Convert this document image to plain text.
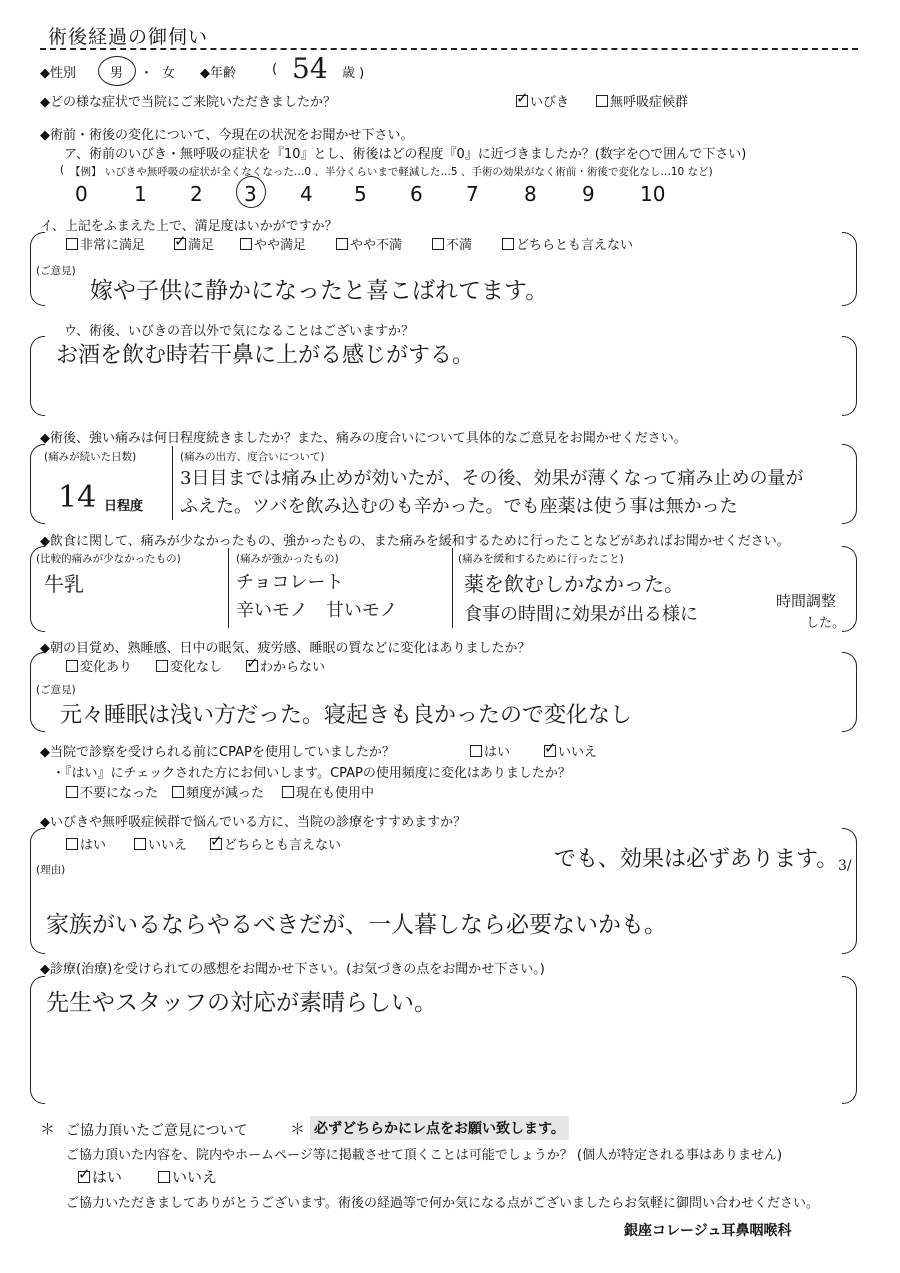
術後経過の御伺い
◆性別	男 ・ 女 ◆年齢	( 54 歳 )
◆どの様な症状で当院にご来院いただきましたか？ ✓	いびき	無呼吸症候群
◆術前・術後の変化について、今現在の状況をお聞かせ下さい。
ア、術前のいびき・無呼吸の症状を『10』とし、術後はどの程度『0』に近づきましたか？(数字を○で囲んで下さい)
( 【例】 いびきや無呼吸の症状が全くなくなった…0 、半分くらいまで軽減した…5 、手術の効果がなく術前・術後で変化なし…10 など)
0 1 2 3 4 5 6 7 8 9 10
イ、上記をふまえた上で、満足度はいかがですか？
非常に満足 ✓	満足	やや満足	やや不満	不満	どちらとも言えない
(ご意見)
嫁や子供に静かになったと喜こばれてます。
ウ、術後、いびきの音以外で気になることはございますか？
お酒を飲む時若干鼻に上がる感じがする。
◆術後、強い痛みは何日程度続きましたか？また、痛みの度合いについて具体的なご意見をお聞かせください。
(痛みが続いた日数)
14 日程度
(痛みの出方、度合いについて)
3日目までは痛み止めが効いたが、その後、効果が薄くなって痛み止めの量が
ふえた。ツバを飲み込むのも辛かった。でも座薬は使う事は無かった
◆飲食に関して、痛みが少なかったもの、強かったもの、また痛みを緩和するために行ったことなどがあればお聞かせください。
(比較的痛みが少なかったもの)
牛乳
(痛みが強かったもの)
チョコレート
辛いモノ　甘いモノ
(痛みを緩和するために行ったこと)
薬を飲むしかなかった。
食事の時間に効果が出る様に
時間調整
した。
◆朝の目覚め、熟睡感、日中の眠気、疲労感、睡眠の質などに変化はありましたか？
変化あり	変化なし ✓	わからない
(ご意見)
元々睡眠は浅い方だった。寝起きも良かったので変化なし
◆当院で診察を受けられる前にCPAPを使用していましたか？	はい ✓	いいえ
・『はい』にチェックされた方にお伺いします。CPAPの使用頻度に変化はありましたか？
不要になった	頻度が減った	現在も使用中
◆いびきや無呼吸症候群で悩んでいる方に、当院の診療をすすめますか？
はい	いいえ ✓	どちらとも言えない
でも、効果は必ずあります。 3/
(理由)
家族がいるならやるべきだが、一人暮しなら必要ないかも。
◆診療(治療)を受けられての感想をお聞かせ下さい。(お気づきの点をお聞かせ下さい。)
先生やスタッフの対応が素晴らしい。
＊ ご協力頂いたご意見について	＊ 必ずどちらかにレ点をお願い致します。
ご協力頂いた内容を、院内やホームページ等に掲載させて頂くことは可能でしょうか？ (個人が特定される事はありません)
✓はい	いいえ
ご協力いただきましてありがとうございます。術後の経過等で何か気になる点がございましたらお気軽に御問い合わせください。
銀座コレージュ耳鼻咽喉科
